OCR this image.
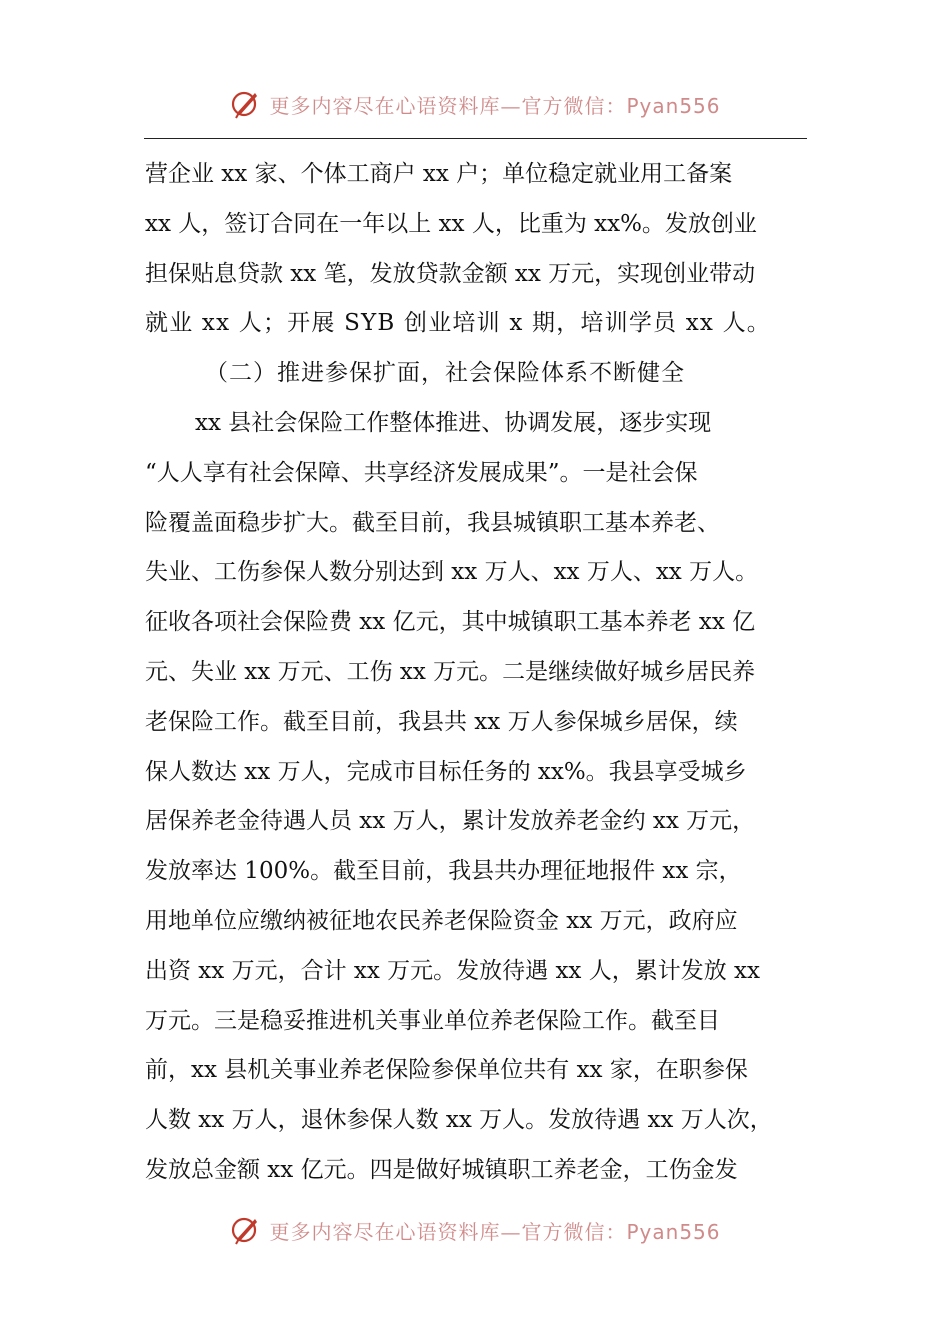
更多内容尽在心语资料库—官方微信：Pyan556
营企业 xx 家、个体工商户 xx 户；单位稳定就业用工备案
xx 人，签订合同在一年以上 xx 人，比重为 xx%。发放创业
担保贴息贷款 xx 笔，发放贷款金额 xx 万元，实现创业带动
就业 xx 人；开展 SYB 创业培训 x 期，培训学员 xx 人。
（二）推进参保扩面，社会保险体系不断健全
xx 县社会保险工作整体推进、协调发展，逐步实现
“人人享有社会保障、共享经济发展成果”。一是社会保
险覆盖面稳步扩大。截至目前，我县城镇职工基本养老、
失业、工伤参保人数分别达到 xx 万人、xx 万人、xx 万人。
征收各项社会保险费 xx 亿元，其中城镇职工基本养老 xx 亿
元、失业 xx 万元、工伤 xx 万元。二是继续做好城乡居民养
老保险工作。截至目前，我县共 xx 万人参保城乡居保，续
保人数达 xx 万人，完成市目标任务的 xx%。我县享受城乡
居保养老金待遇人员 xx 万人，累计发放养老金约 xx 万元，
发放率达 100%。截至目前，我县共办理征地报件 xx 宗，
用地单位应缴纳被征地农民养老保险资金 xx 万元，政府应
出资 xx 万元，合计 xx 万元。发放待遇 xx 人，累计发放 xx
万元。三是稳妥推进机关事业单位养老保险工作。截至目
前，xx 县机关事业养老保险参保单位共有 xx 家，在职参保
人数 xx 万人，退休参保人数 xx 万人。发放待遇 xx 万人次，
发放总金额 xx 亿元。四是做好城镇职工养老金，工伤金发
更多内容尽在心语资料库—官方微信：Pyan556
